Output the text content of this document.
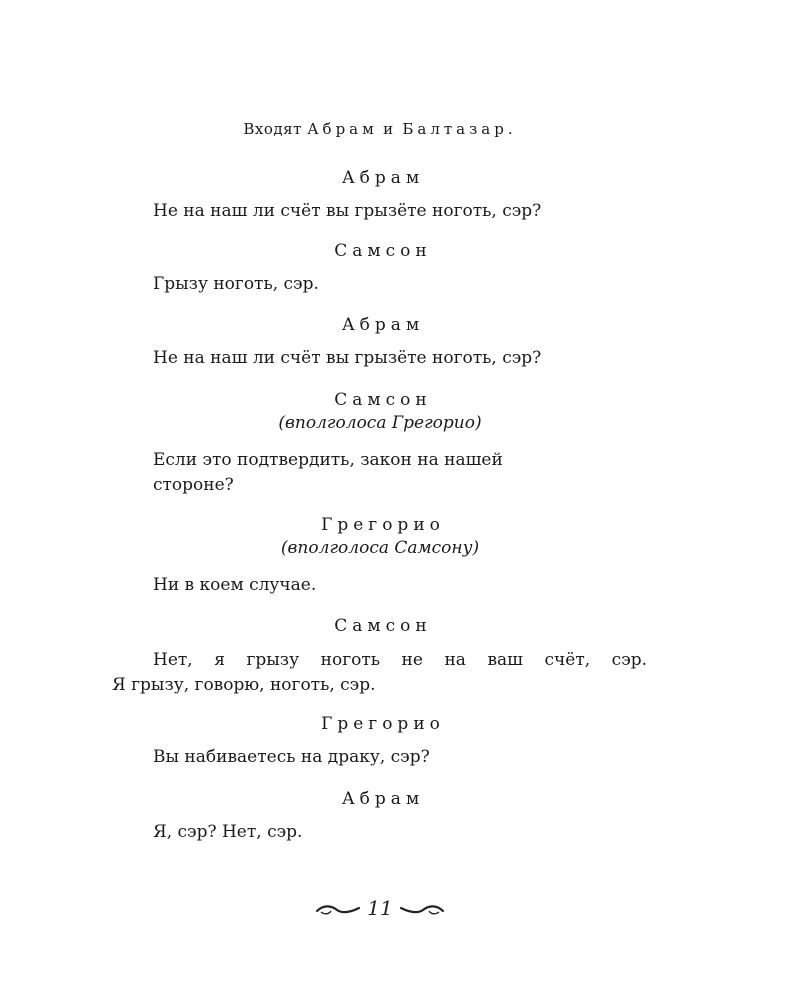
Входят Абрам и Балтазар.
Абрам
Не на наш ли счёт вы грызёте ноготь, сэр?
Самсон
Грызу ноготь, сэр.
Абрам
Не на наш ли счёт вы грызёте ноготь, сэр?
Самсон
(вполголоса Грегорио)
Если это подтвердить, закон на нашей
стороне?
Грегорио
(вполголоса Самсону)
Ни в коем случае.
Самсон
Нет, я грызу ноготь не на ваш счёт, сэр.
Я грызу, говорю, ноготь, сэр.
Грегорио
Вы набиваетесь на драку, сэр?
Абрам
Я, сэр? Нет, сэр.
11
